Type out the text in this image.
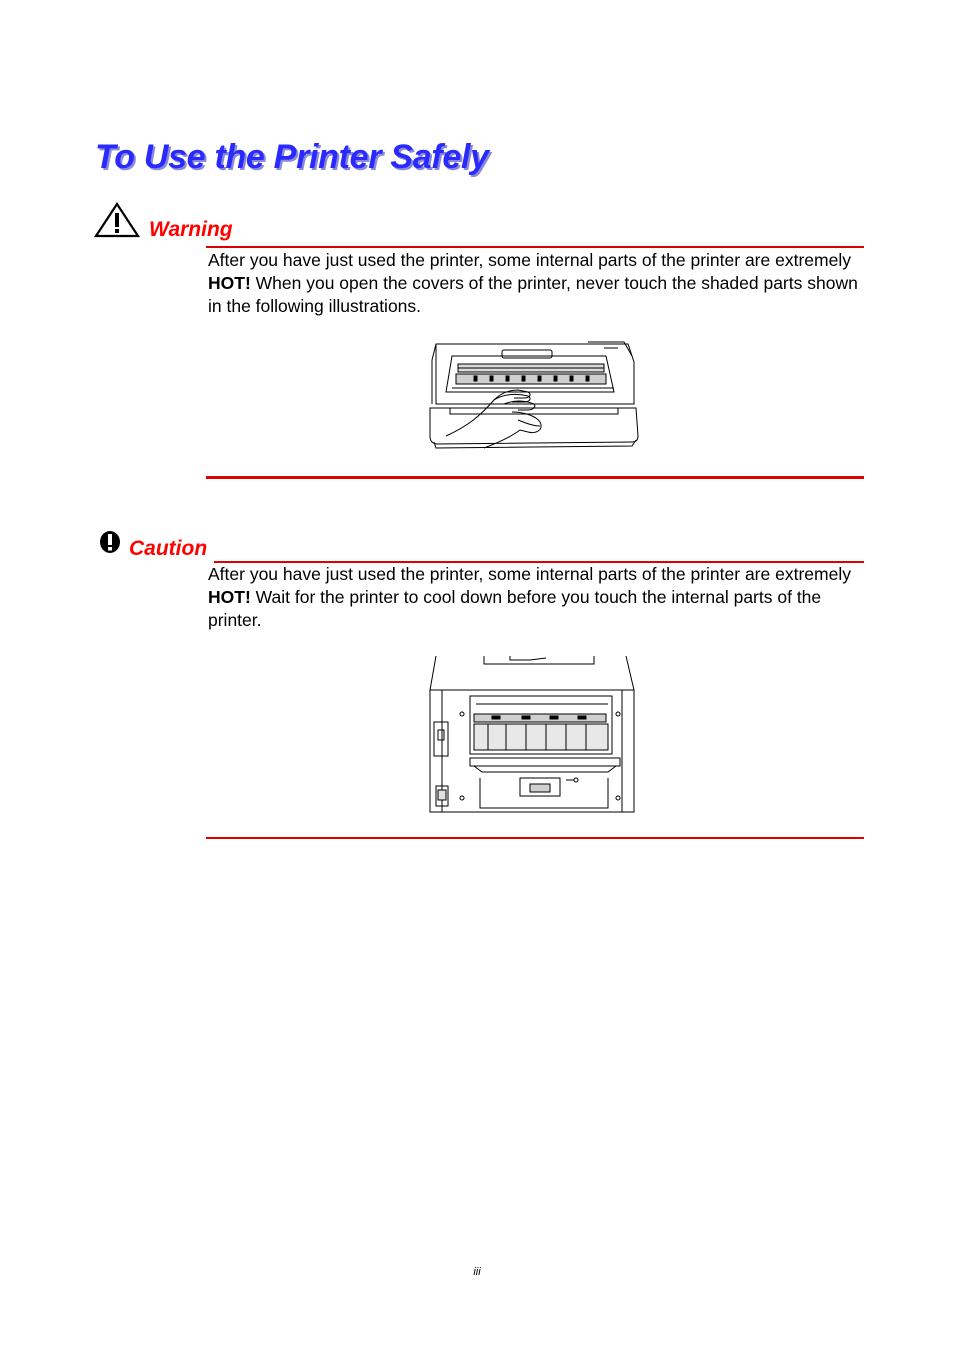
To Use the Printer Safely
Warning

After you have just used the printer, some internal parts of the printer are extremely HOT! When you open the covers of the printer, never touch the shaded parts shown in the following illustrations.

Caution

After you have just used the printer, some internal parts of the printer are extremely HOT! Wait for the printer to cool down before you touch the internal parts of the printer.

iii
